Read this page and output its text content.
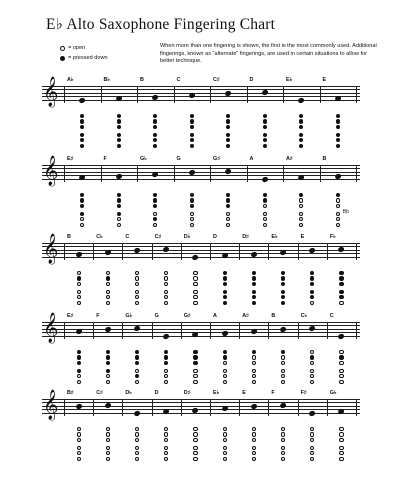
E♭ Alto Saxophone Fingering Chart
= open
= pressed down

When more than one fingering is shown, the first is the most commonly used. Additional fingerings, known as "alternate" fingerings, are used in certain situations to allow for better technique.

𝄞 A♭	B♭	B	C	C♯	D	E♭	E
Bb
𝄞 E♯	F	G♭	G	G♯	A	A♯	B
𝄞 B	C♭	C	C♯	D♭	D	D♯	E♭	E	F♭
𝄞 E♯	F	G♭	G	G♯	A	A♯	B	C♭	C
𝄞 B♯	C♯	D♭	D	D♯	E♭	E	F	F♯	G♭
